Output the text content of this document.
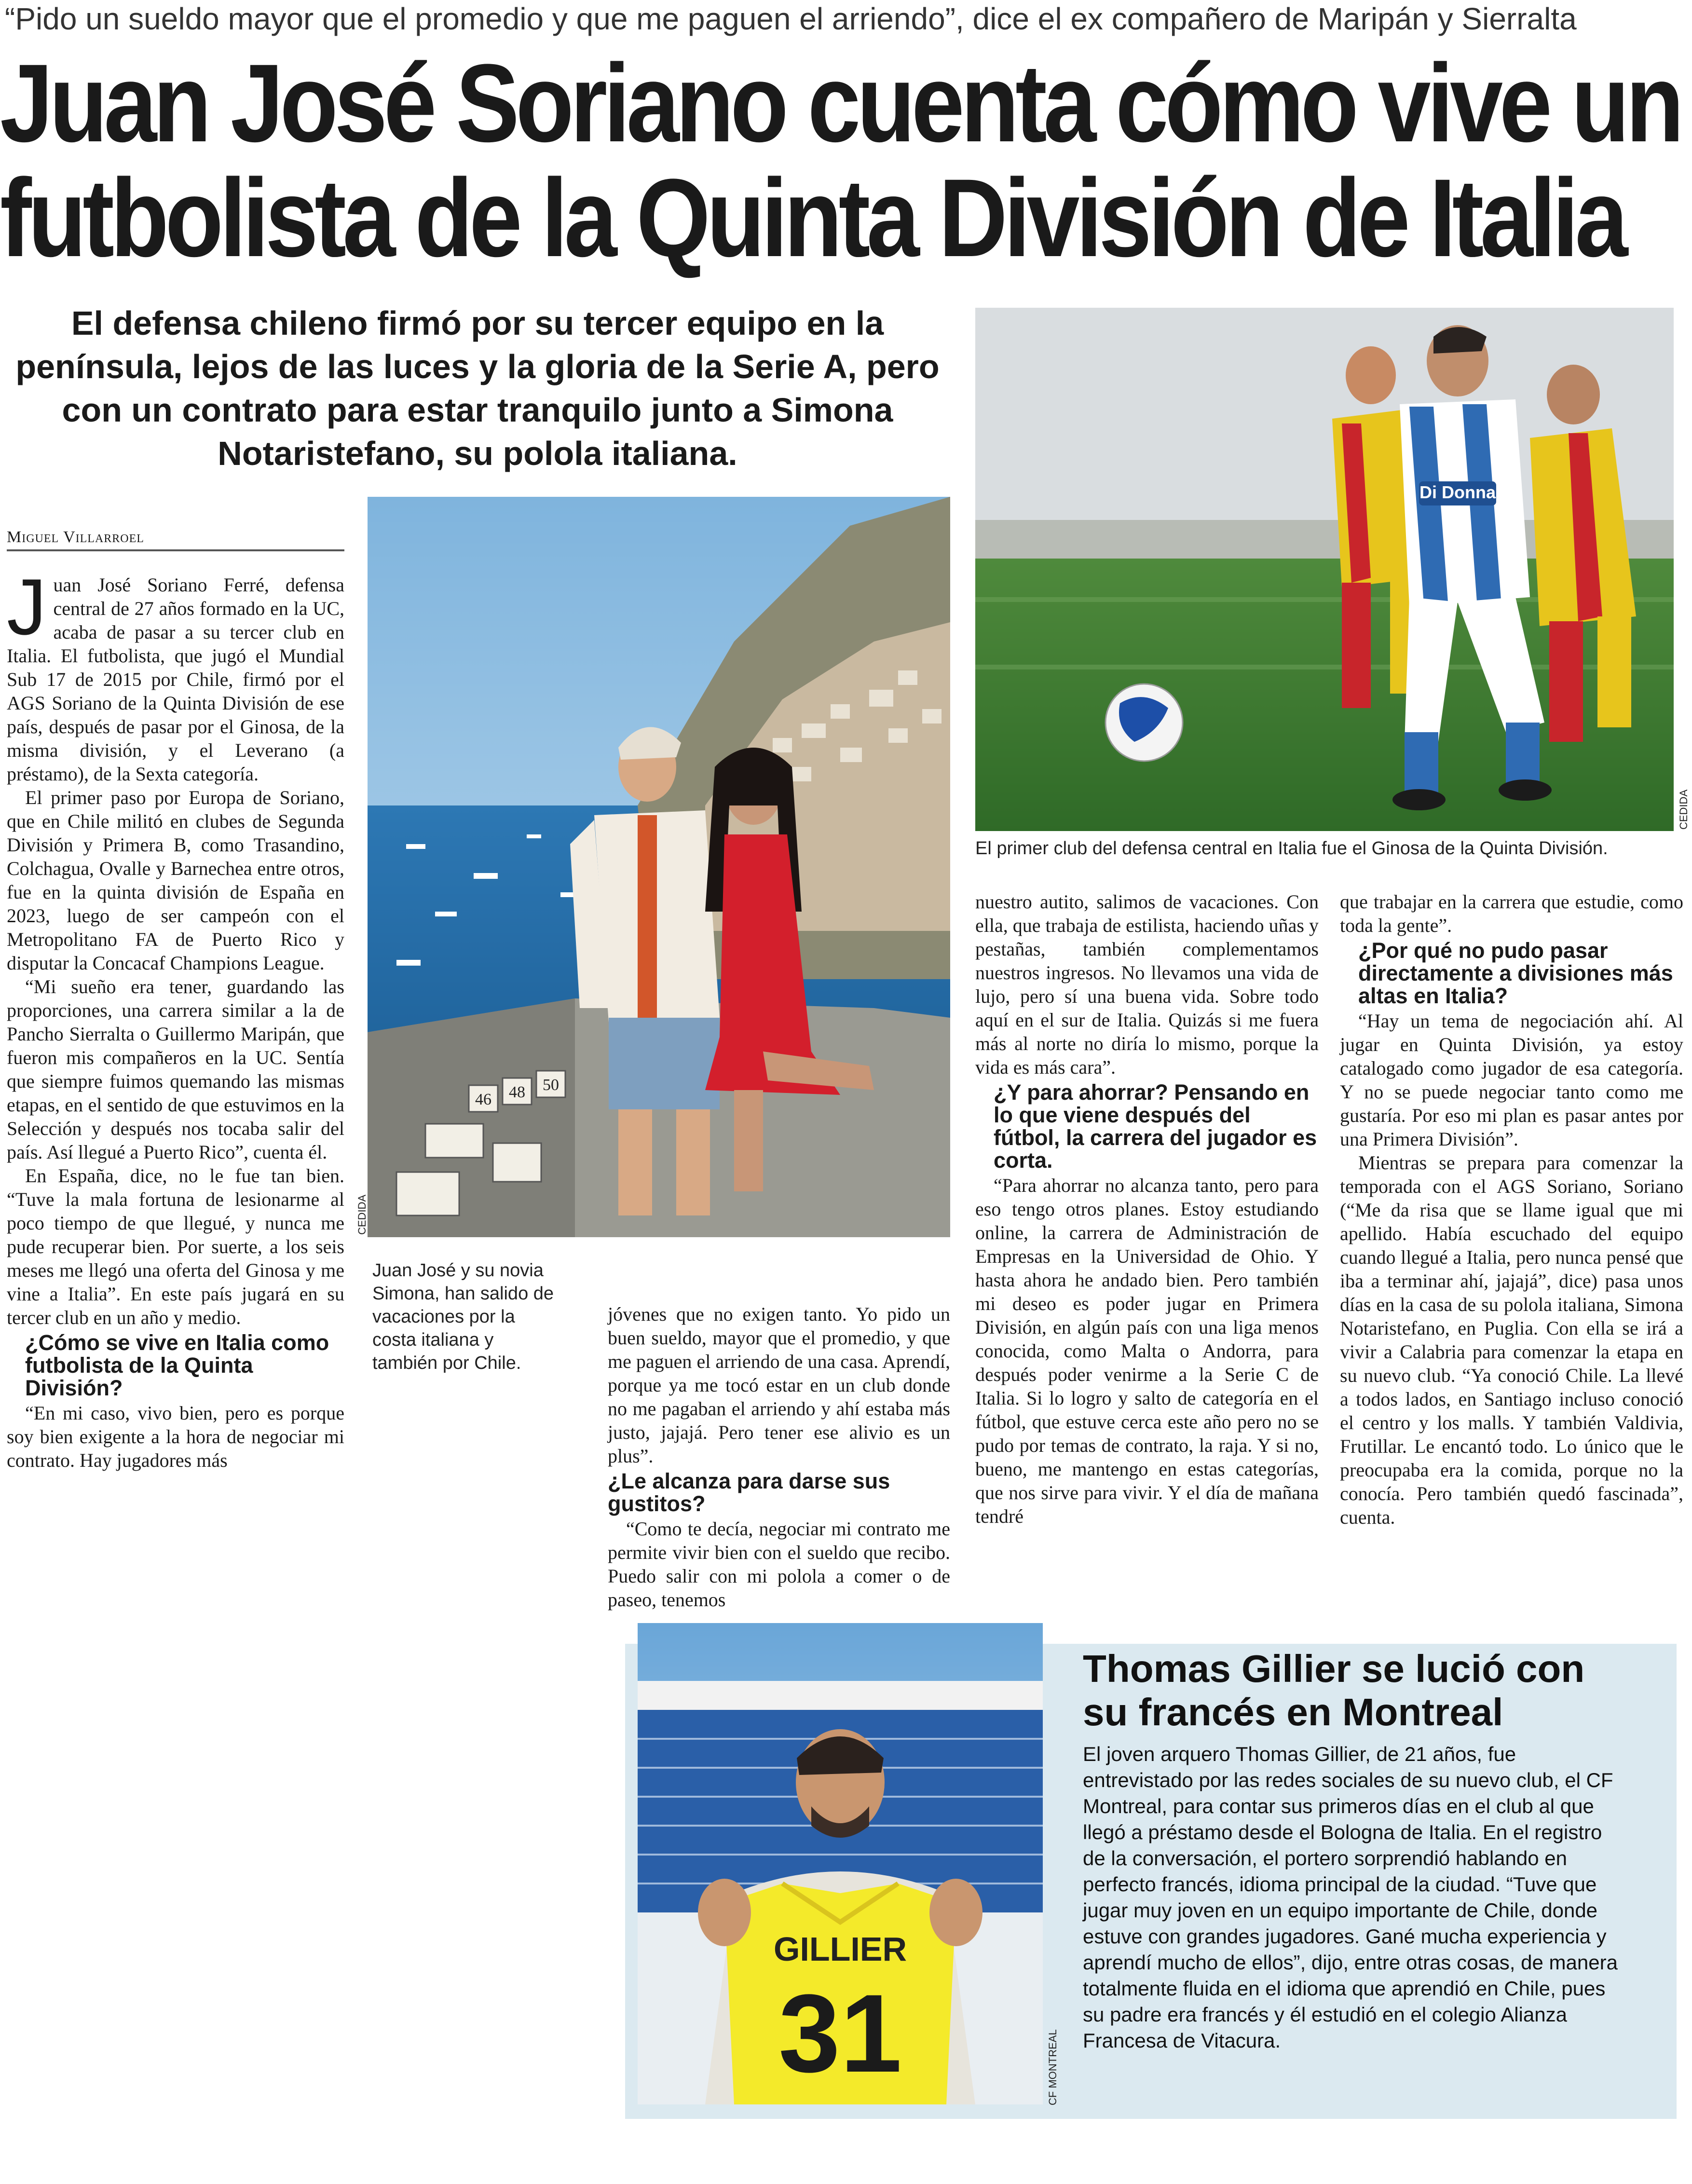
“Pido un sueldo mayor que el promedio y que me paguen el arriendo”, dice el ex compañero de Maripán y Sierralta
Juan José Soriano cuenta cómo vive un
futbolista de la Quinta División de Italia
El defensa chileno firmó por su tercer equipo en la península, lejos de las luces y la gloria de la Serie A, pero con un contrato para estar tranquilo junto a Simona Notaristefano, su polola italiana.
Di Donna
CEDIDA
El primer club del defensa central en Italia fue el Ginosa de la Quinta División.
Miguel Villarroel

Juan José Soriano Ferré, defensa central de 27 años formado en la UC, acaba de pasar a su tercer club en Italia. El futbolista, que jugó el Mundial Sub 17 de 2015 por Chile, firmó por el AGS Soriano de la Quinta División de ese país, después de pasar por el Ginosa, de la misma división, y el Leverano (a préstamo), de la Sexta categoría.

El primer paso por Europa de Soriano, que en Chile militó en clubes de Segunda División y Primera B, como Trasandino, Colchagua, Ovalle y Barnechea entre otros, fue en la quinta división de España en 2023, luego de ser campeón con el Metropolitano FA de Puerto Rico y disputar la Concacaf Champions League.

“Mi sueño era tener, guardando las proporciones, una carrera similar a la de Pancho Sierralta o Guillermo Maripán, que fueron mis compañeros en la UC. Sentía que siempre fuimos quemando las mismas etapas, en el sentido de que estuvimos en la Selección y después nos tocaba salir del país. Así llegué a Puerto Rico”, cuenta él.

En España, dice, no le fue tan bien. “Tuve la mala fortuna de lesionarme al poco tiempo de que llegué, y nunca me pude recuperar bien. Por suerte, a los seis meses me llegó una oferta del Ginosa y me vine a Italia”. En este país jugará en su tercer club en un año y medio.

¿Cómo se vive en Italia como futbolista de la Quinta División?

“En mi caso, vivo bien, pero es porque soy bien exigente a la hora de negociar mi contrato. Hay jugadores más

46 48 50
CEDIDA
Juan José y su novia Simona, han salido de vacaciones por la costa italiana y también por Chile.

jóvenes que no exigen tanto. Yo pido un buen sueldo, mayor que el promedio, y que me paguen el arriendo de una casa. Aprendí, porque ya me tocó estar en un club donde no me pagaban el arriendo y ahí estaba más justo, jajajá. Pero tener ese alivio es un plus”.

¿Le alcanza para darse sus gustitos?

“Como te decía, negociar mi contrato me permite vivir bien con el sueldo que recibo. Puedo salir con mi polola a comer o de paseo, tenemos

nuestro autito, salimos de vacaciones. Con ella, que trabaja de estilista, haciendo uñas y pestañas, también complementamos nuestros ingresos. No llevamos una vida de lujo, pero sí una buena vida. Sobre todo aquí en el sur de Italia. Quizás si me fuera más al norte no diría lo mismo, porque la vida es más cara”.

¿Y para ahorrar? Pensando en lo que viene después del fútbol, la carrera del jugador es corta.

“Para ahorrar no alcanza tanto, pero para eso tengo otros planes. Estoy estudiando online, la carrera de Administración de Empresas en la Universidad de Ohio. Y hasta ahora he andado bien. Pero también mi deseo es poder jugar en Primera División, en algún país con una liga menos conocida, como Malta o Andorra, para después poder venirme a la Serie C de Italia. Si lo logro y salto de categoría en el fútbol, que estuve cerca este año pero no se pudo por temas de contrato, la raja. Y si no, bueno, me mantengo en estas categorías, que nos sirve para vivir. Y el día de mañana tendré

que trabajar en la carrera que estudie, como toda la gente”.

¿Por qué no pudo pasar directamente a divisiones más altas en Italia?

“Hay un tema de negociación ahí. Al jugar en Quinta División, ya estoy catalogado como jugador de esa categoría. Y no se puede negociar tanto como me gustaría. Por eso mi plan es pasar antes por una Primera División”.

Mientras se prepara para comenzar la temporada con el AGS Soriano, Soriano (“Me da risa que se llame igual que mi apellido. Había escuchado del equipo cuando llegué a Italia, pero nunca pensé que iba a terminar ahí, jajajá”, dice) pasa unos días en la casa de su polola italiana, Simona Notaristefano, en Puglia. Con ella se irá a vivir a Calabria para comenzar la etapa en su nuevo club. “Ya conoció Chile. La llevé a todos lados, en Santiago incluso conoció el centro y los malls. Y también Valdivia, Frutillar. Le encantó todo. Lo único que le preocupaba era la comida, porque no la conocía. Pero también quedó fascinada”, cuenta.

GILLIER
31	CF MONTREAL
Thomas Gillier se lució con su francés en Montreal
El joven arquero Thomas Gillier, de 21 años, fue entrevistado por las redes sociales de su nuevo club, el CF Montreal, para contar sus primeros días en el club al que llegó a préstamo desde el Bologna de Italia. En el registro de la conversación, el portero sorprendió hablando en perfecto francés, idioma principal de la ciudad. “Tuve que jugar muy joven en un equipo importante de Chile, donde estuve con grandes jugadores. Gané mucha experiencia y aprendí mucho de ellos”, dijo, entre otras cosas, de manera totalmente fluida en el idioma que aprendió en Chile, pues su padre era francés y él estudió en el colegio Alianza Francesa de Vitacura.
